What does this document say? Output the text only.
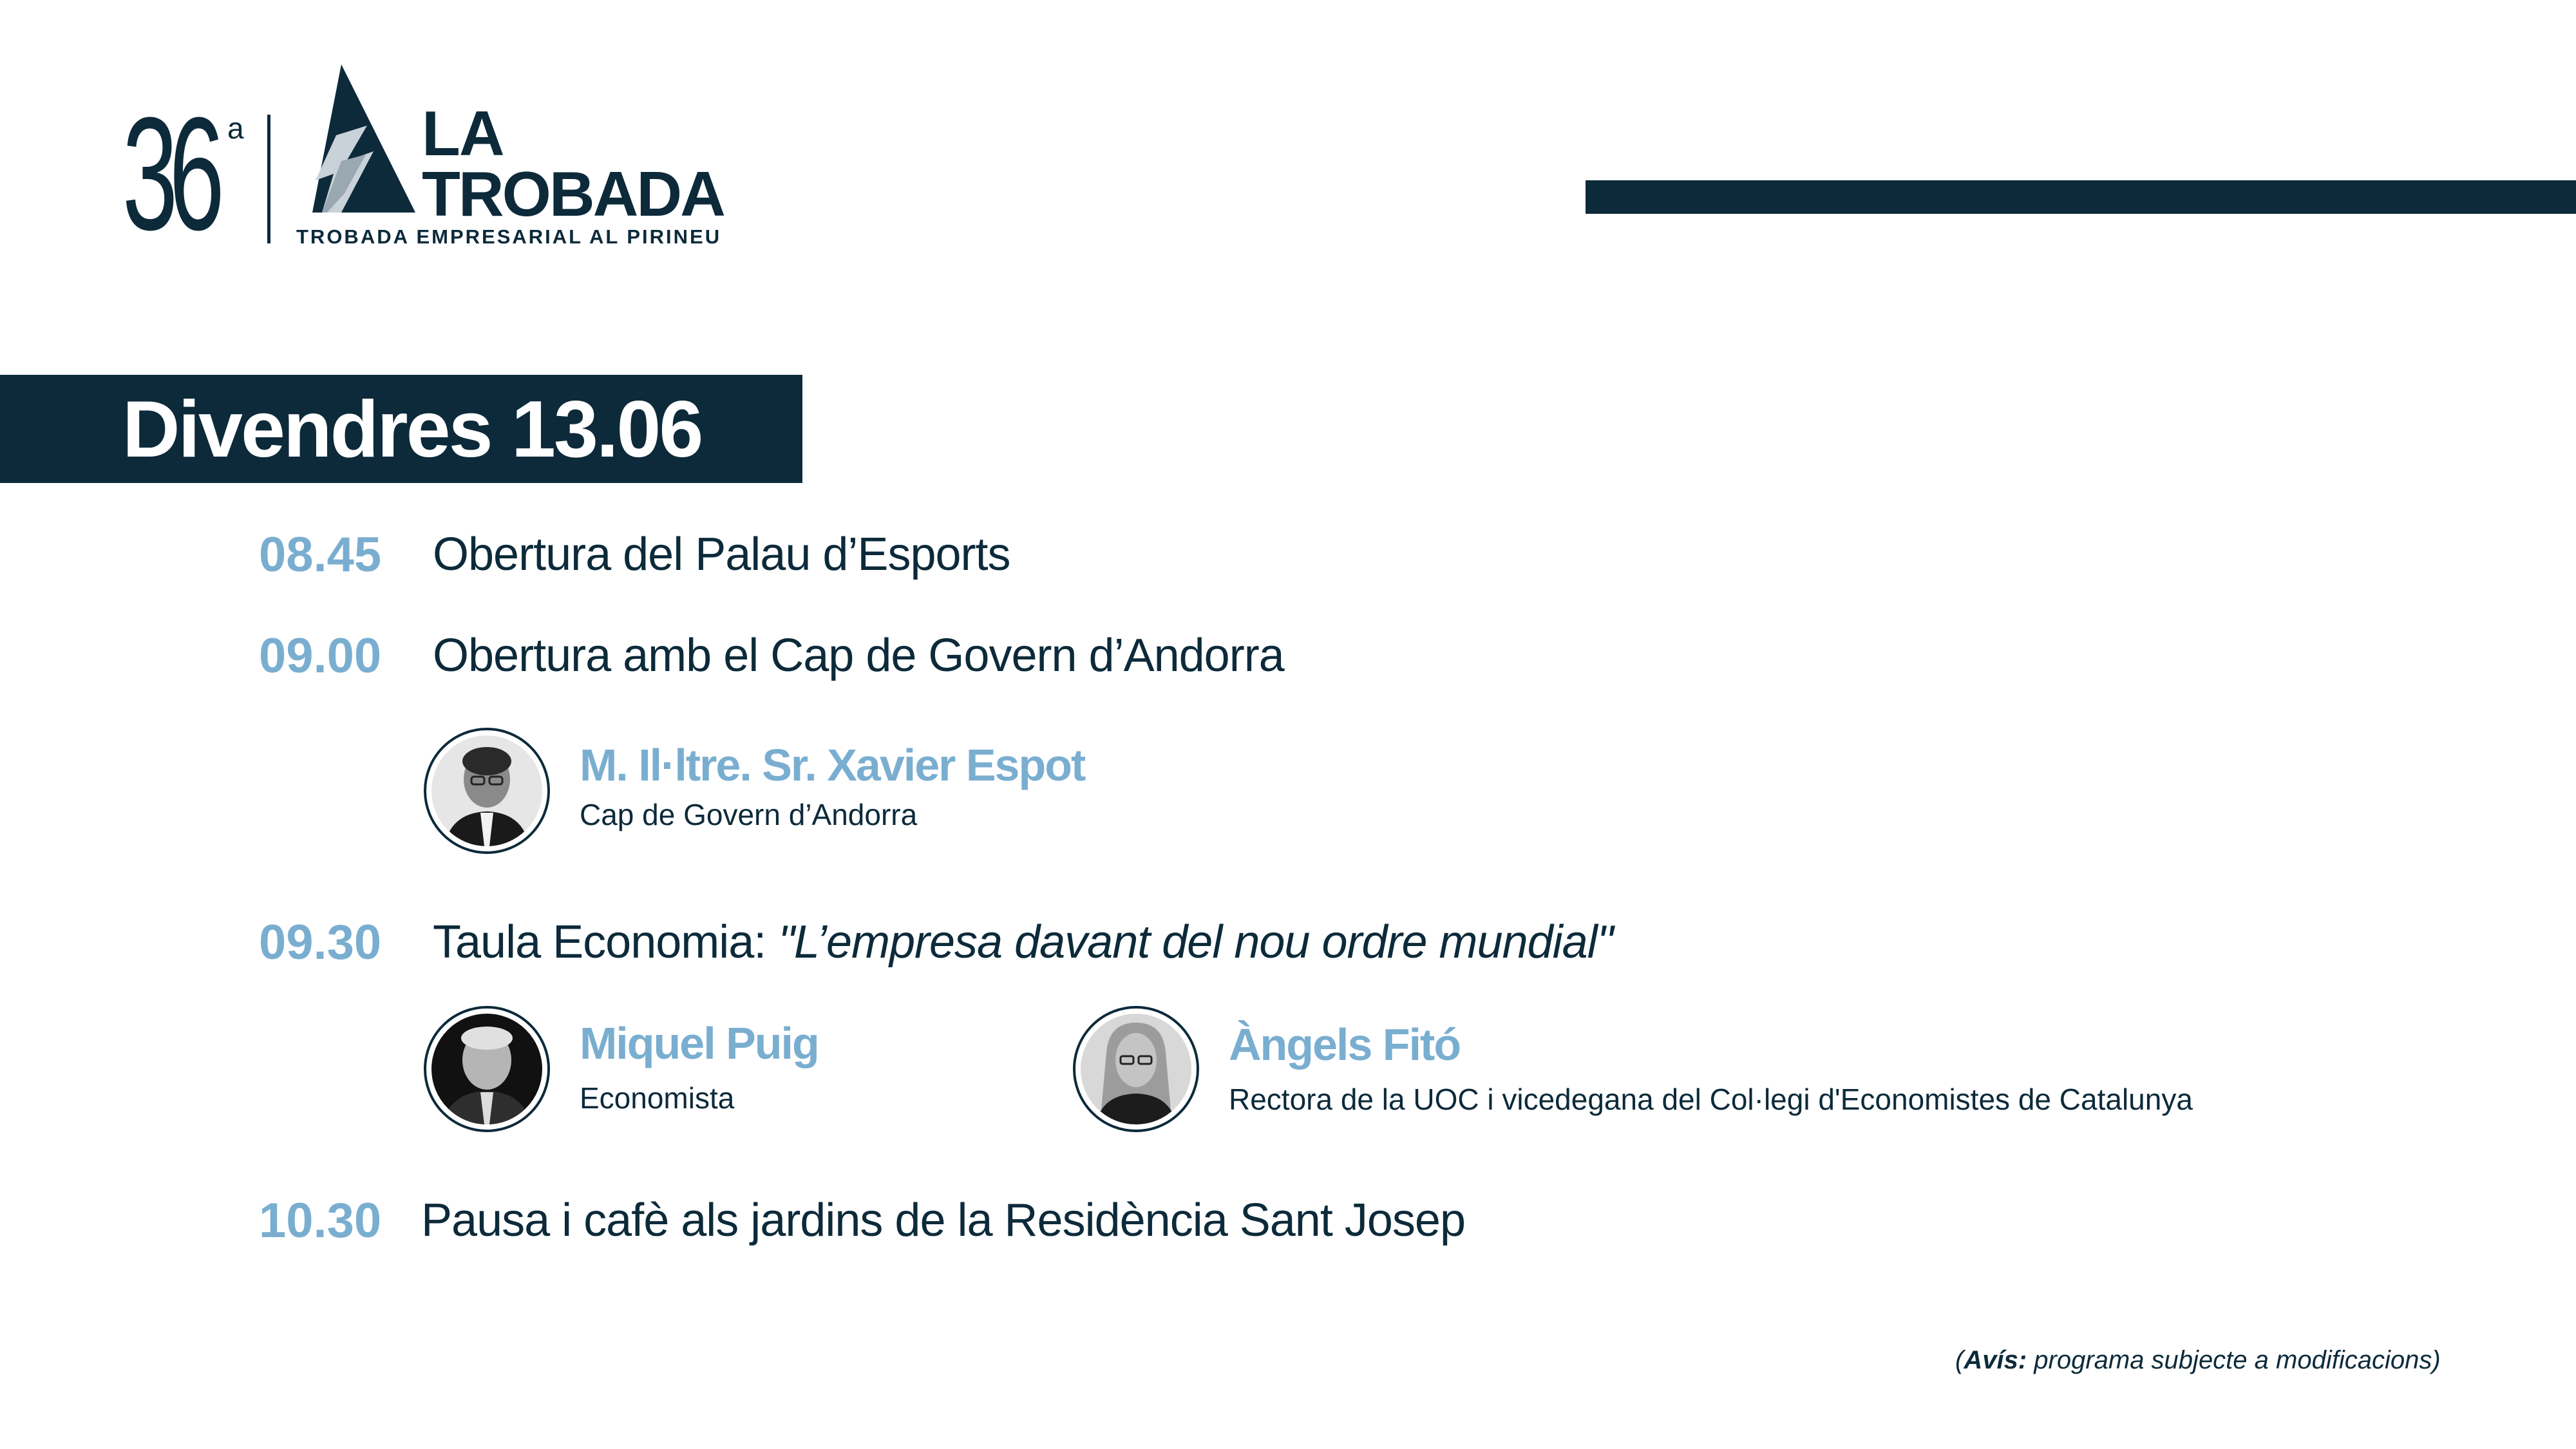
36 a	LA
TROBADA
TROBADA EMPRESARIAL AL PIRINEU
Divendres 13.06
08.45 Obertura del Palau d’Esports
09.00 Obertura amb el Cap de Govern d’Andorra
M. Il·ltre. Sr. Xavier Espot
Cap de Govern d’Andorra
09.30 Taula Economia: "L’empresa davant del nou ordre mundial"
Miquel Puig
Economista
Àngels Fitó
Rectora de la UOC i vicedegana del Col·legi d'Economistes de Catalunya
10.30 Pausa i cafè als jardins de la Residència Sant Josep
(Avís: programa subjecte a modificacions)
